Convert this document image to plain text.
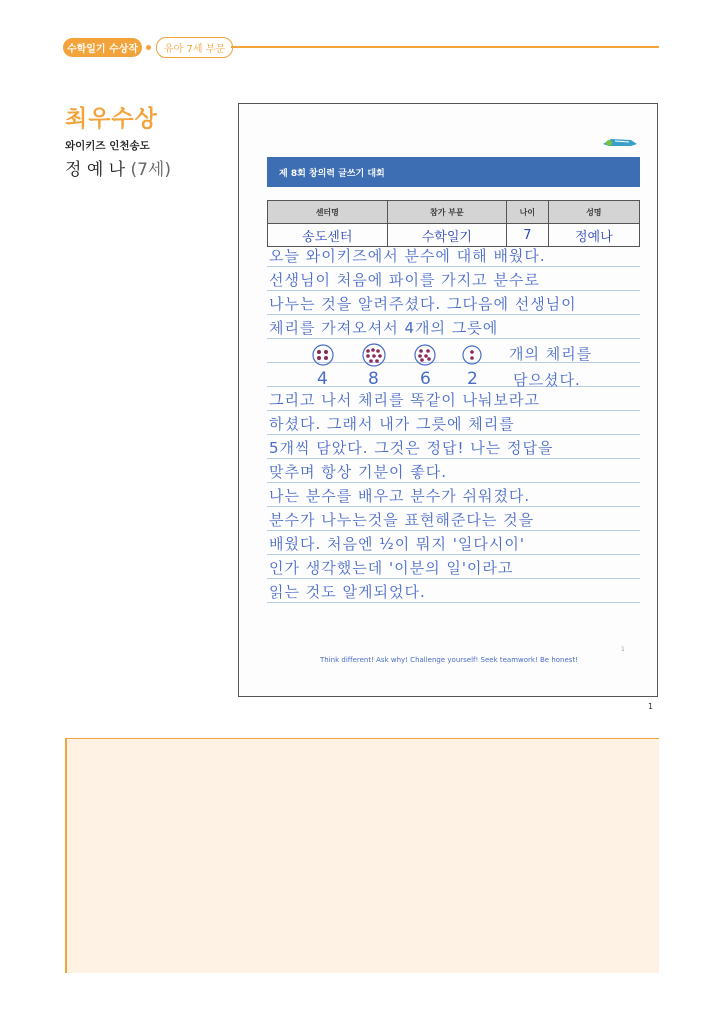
수학일기 수상작	유아 7세 부문
최우수상
와이키즈 인천송도
정 예 나 (7세)	제 8회 창의력 글쓰기 대회
센터명	참가 부문	나이	성명
송도센터	수학일기	7	정예나
오늘 와이키즈에서 분수에 대해 배웠다.
선생님이 처음에 파이를 가지고 분수로
나누는 것을 알려주셨다. 그다음에 선생님이
체리를 가져오셔서 4개의 그릇에
개의 체리를
4 8 6 2 담으셨다.
그리고 나서 체리를 똑같이 나눠보라고
하셨다. 그래서 내가 그릇에 체리를
5개씩 담았다. 그것은 정답! 나는 정답을
맞추며 항상 기분이 좋다.
나는 분수를 배우고 분수가 쉬워졌다.
분수가 나누는것을 표현해준다는 것을
배웠다. 처음엔 ½이 뭐지 '일다시이'
인가 생각했는데 '이분의 일'이라고
읽는 것도 알게되었다.
1
Think different! Ask why! Challenge yourself! Seek teamwork! Be honest!
1
